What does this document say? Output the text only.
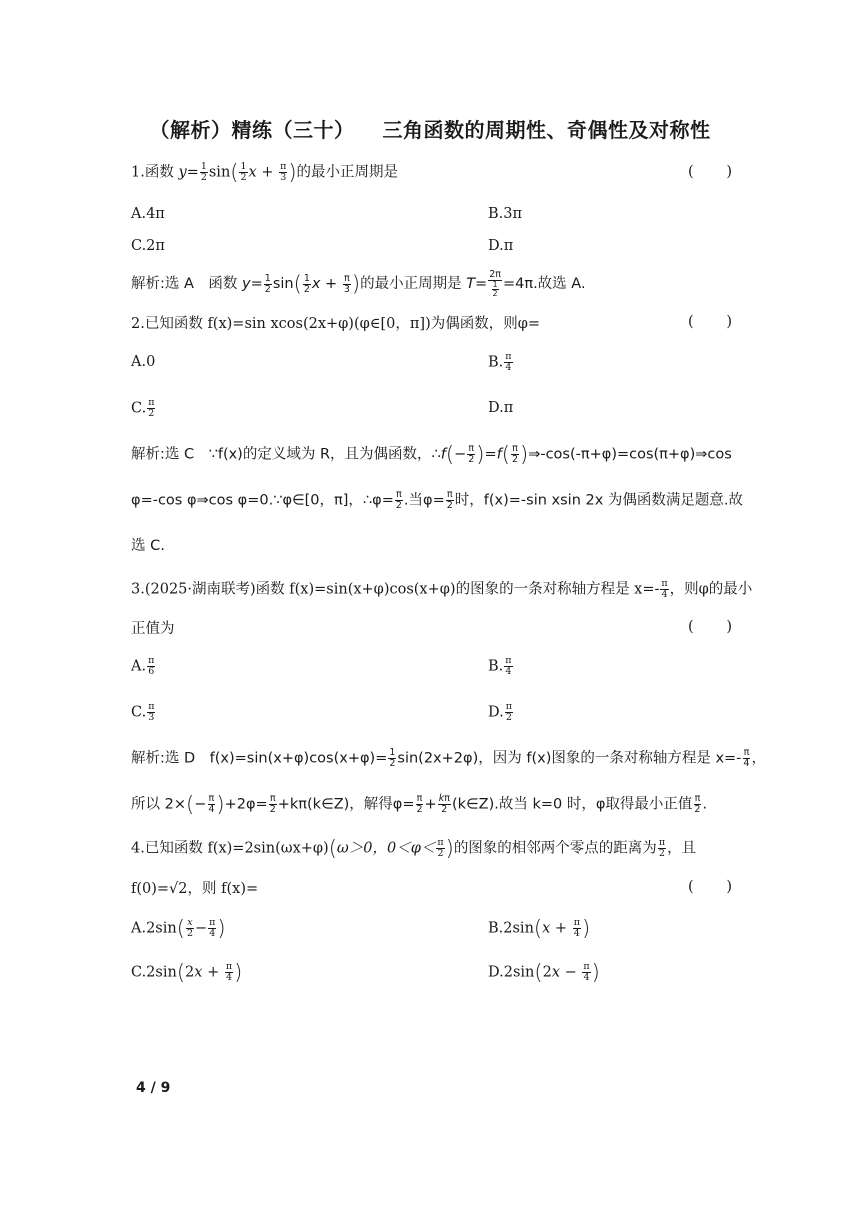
（解析）精练（三十） 三角函数的周期性、奇偶性及对称性
1.函数 $y= \frac{1}{2} \sin( \frac{1}{2}$ $x + \frac{\pi}{3}$ )的最小正周期是	( )
A.4π	B.3π
C.2π	D.π
解析:选 A　函数 $y= \frac{1}{2} \sin( \frac{1}{2}$ $x + \frac{\pi}{3}$ )的最小正周期是 $T= \frac{2\pi}{\frac{1}{2}} =4\pi$.故选 A.
2.已知函数 f(x)=sin xcos(2x+φ)(φ∈[0，π])为偶函数，则φ=	( )
A.0	B. $\frac{\pi}{4}$
C. $\frac{\pi}{2}$	D.π
解析:选 C　∵f(x)的定义域为 R，且为偶函数，∴f(− $\frac{\pi}{2} )=f( \frac{\pi}{2}$ )⇒-cos(-π+φ)=cos(π+φ)⇒cos
φ=-cos φ⇒cos φ=0.∵φ∈[0，π]，∴φ= $\frac{\pi}{2}$ .当$\varphi= \frac{\pi}{2}$ 时，f(x)=-sin xsin 2x 为偶函数满足题意.故
选 C.
3.(2025·湖南联考)函数 f(x)=sin(x+φ)cos(x+φ)的图象的一条对称轴方程是 $x=- \frac{\pi}{4}$ ，则φ的最小
正值为	( )
A. $\frac{\pi}{6}$	B. $\frac{\pi}{4}$
C. $\frac{\pi}{3}$	D. $\frac{\pi}{2}$
解析:选 D　$f(x)=\sin(x+\varphi)\cos(x+\varphi)= \frac{1}{2} \sin(2x+2\varphi)$，因为 f(x)图象的一条对称轴方程是 $x=- \frac{\pi}{4}$ ，
所以 $2\times(- \frac{\pi}{4} )+2\varphi= \frac{\pi}{2}$ +kπ(k∈Z)，解得$\varphi= \frac{\pi}{2} + \frac{k\pi}{2}$ (k∈Z).故当 k=0 时，φ取得最小正值 $\frac{\pi}{2}$ .
4.已知函数 f(x)=2sin(ωx+φ)(ω＞0，$0<\varphi< \frac{\pi}{2}$ )的图象的相邻两个零点的距离为 $\frac{\pi}{2}$ ，且
f(0)=√2，则 f(x)=	( )
$A.2\sin( \frac{x}{2} - \frac{\pi}{4}$ )	$B.2\sin(x + \frac{\pi}{4}$ )
$C.2\sin(2x + \frac{\pi}{4}$ )	$D.2\sin(2x - \frac{\pi}{4}$ )
4 / 9
